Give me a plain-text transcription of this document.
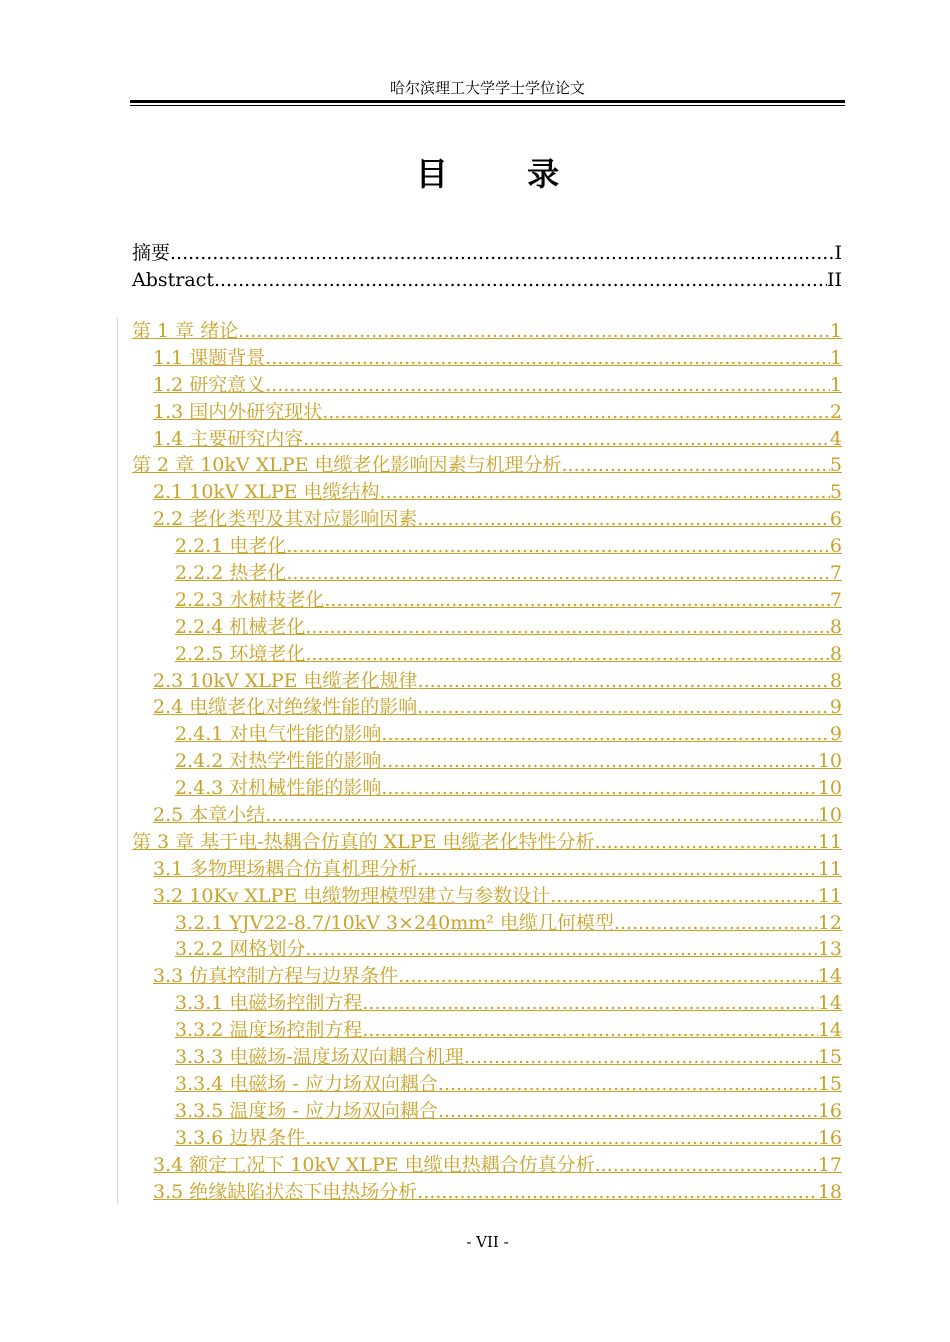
哈尔滨理工大学学士学位论文
目 录
摘要 .....	I
Abstract .....	II
第 1 章 绪论 .....	1
1.1 课题背景 .....	1
1.2 研究意义 .....	1
1.3 国内外研究现状 .....	2
1.4 主要研究内容 .....	4
第 2 章 10kV XLPE 电缆老化影响因素与机理分析 .....	5
2.1 10kV XLPE 电缆结构 .....	5
2.2 老化类型及其对应影响因素 .....	6
2.2.1 电老化 .....	6
2.2.2 热老化 .....	7
2.2.3 水树枝老化 .....	7
2.2.4 机械老化 .....	8
2.2.5 环境老化 .....	8
2.3 10kV XLPE 电缆老化规律 .....	8
2.4 电缆老化对绝缘性能的影响 .....	9
2.4.1 对电气性能的影响 .....	9
2.4.2 对热学性能的影响 .....	10
2.4.3 对机械性能的影响 .....	10
2.5 本章小结 .....	10
第 3 章 基于电-热耦合仿真的 XLPE 电缆老化特性分析 .....	11
3.1 多物理场耦合仿真机理分析 .....	11
3.2 10Kv XLPE 电缆物理模型建立与参数设计 .....	11
3.2.1 YJV22-8.7/10kV 3×240mm² 电缆几何模型 .....	12
3.2.2 网格划分 .....	13
3.3 仿真控制方程与边界条件 .....	14
3.3.1 电磁场控制方程 .....	14
3.3.2 温度场控制方程 .....	14
3.3.3 电磁场-温度场双向耦合机理 .....	15
3.3.4 电磁场 - 应力场双向耦合 .....	15
3.3.5 温度场 - 应力场双向耦合 .....	16
3.3.6 边界条件 .....	16
3.4 额定工况下 10kV XLPE 电缆电热耦合仿真分析 .....	17
3.5 绝缘缺陷状态下电热场分析 .....	18
- VII -
